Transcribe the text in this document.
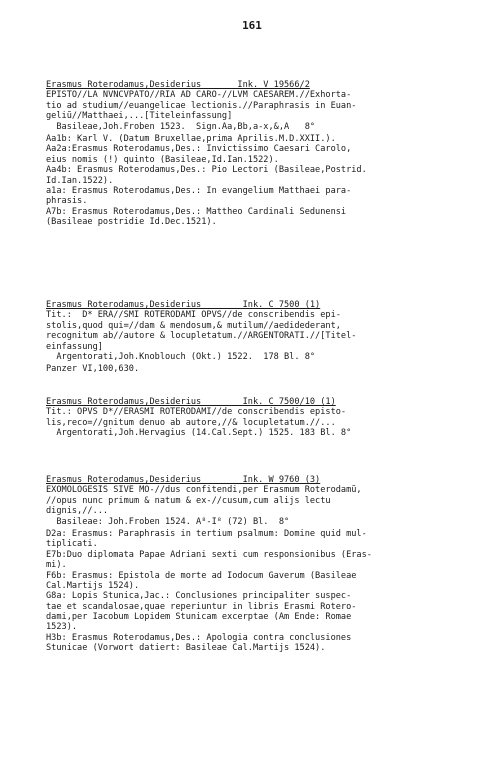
161
Erasmus Roterodamus,Desiderius       Ink. V 19566/2
EPISTO//LA NVNCVPATO//RIA AD CARO-//LVM CAESAREM.//Exhorta-
tio ad studium//euangelicae lectionis.//Paraphrasis in Euan-
geliũ//Matthaei,...[Titeleinfassung]
Basileae,Joh.Froben 1523.  Sign.Aa,Bb,a-x,&,A   8°
Aa1b: Karl V. (Datum Bruxellae,prima Aprilis.M.D.XXII.).
Aa2a:Erasmus Roterodamus,Des.: Invictissimo Caesari Carolo,
eius nomis (!) quinto (Basileae,Id.Ian.1522).
Aa4b: Erasmus Roterodamus,Des.: Pio Lectori (Basileae,Postrid.
Id.Ian.1522).
a1a: Erasmus Roterodamus,Des.: In evangelium Matthaei para-
phrasis.
A7b: Erasmus Roterodamus,Des.: Mattheo Cardinali Sedunensi
(Basileae postridie Id.Dec.1521).
Erasmus Roterodamus,Desiderius        Ink. C 7500 (1)
Tit.:  D* ERA//SMI ROTERODAMI OPVS//de conscribendis epi-
stolis,quod qui=//dam & mendosum,& mutilum//aedidederant,
recognitum ab//autore & locupletatum.//ARGENTORATI.//[Titel-
einfassung]
Argentorati,Joh.Knoblouch (Okt.) 1522.  178 Bl. 8°
Panzer VI,100,630.
Erasmus Roterodamus,Desiderius        Ink. C 7500/10 (1)
Tit.: OPVS D*//ERASMI ROTERODAMI//de conscribendis episto-
lis,reco=//gnitum denuo ab autore,//& locupletatum.//...
Argentorati,Joh.Hervagius (14.Cal.Sept.) 1525. 183 Bl. 8°
Erasmus Roterodamus,Desiderius        Ink. W 9760 (3)
EXOMOLOGESIS SIVE MO-//dus confitendi,per Erasmum Roterodamũ,
//opus nunc primum & natum & ex-//cusum,cum alijs lectu
dignis,//...
Basileae: Joh.Froben 1524. A⁸-I⁸ (72) Bl.  8°
D2a: Erasmus: Paraphrasis in tertium psalmum: Domine quid mul-
tiplicati.
E7b:Duo diplomata Papae Adriani sexti cum responsionibus (Eras-
mi).
F6b: Erasmus: Epistola de morte ad Iodocum Gaverum (Basileae
Cal.Martijs 1524).
G8a: Lopis Stunica,Jac.: Conclusiones principaliter suspec-
tae et scandalosae,quae reperiuntur in libris Erasmi Rotero-
dami,per Iacobum Lopidem Stunicam excerptae (Am Ende: Romae
1523).
H3b: Erasmus Roterodamus,Des.: Apologia contra conclusiones
Stunicae (Vorwort datiert: Basileae Cal.Martijs 1524).
